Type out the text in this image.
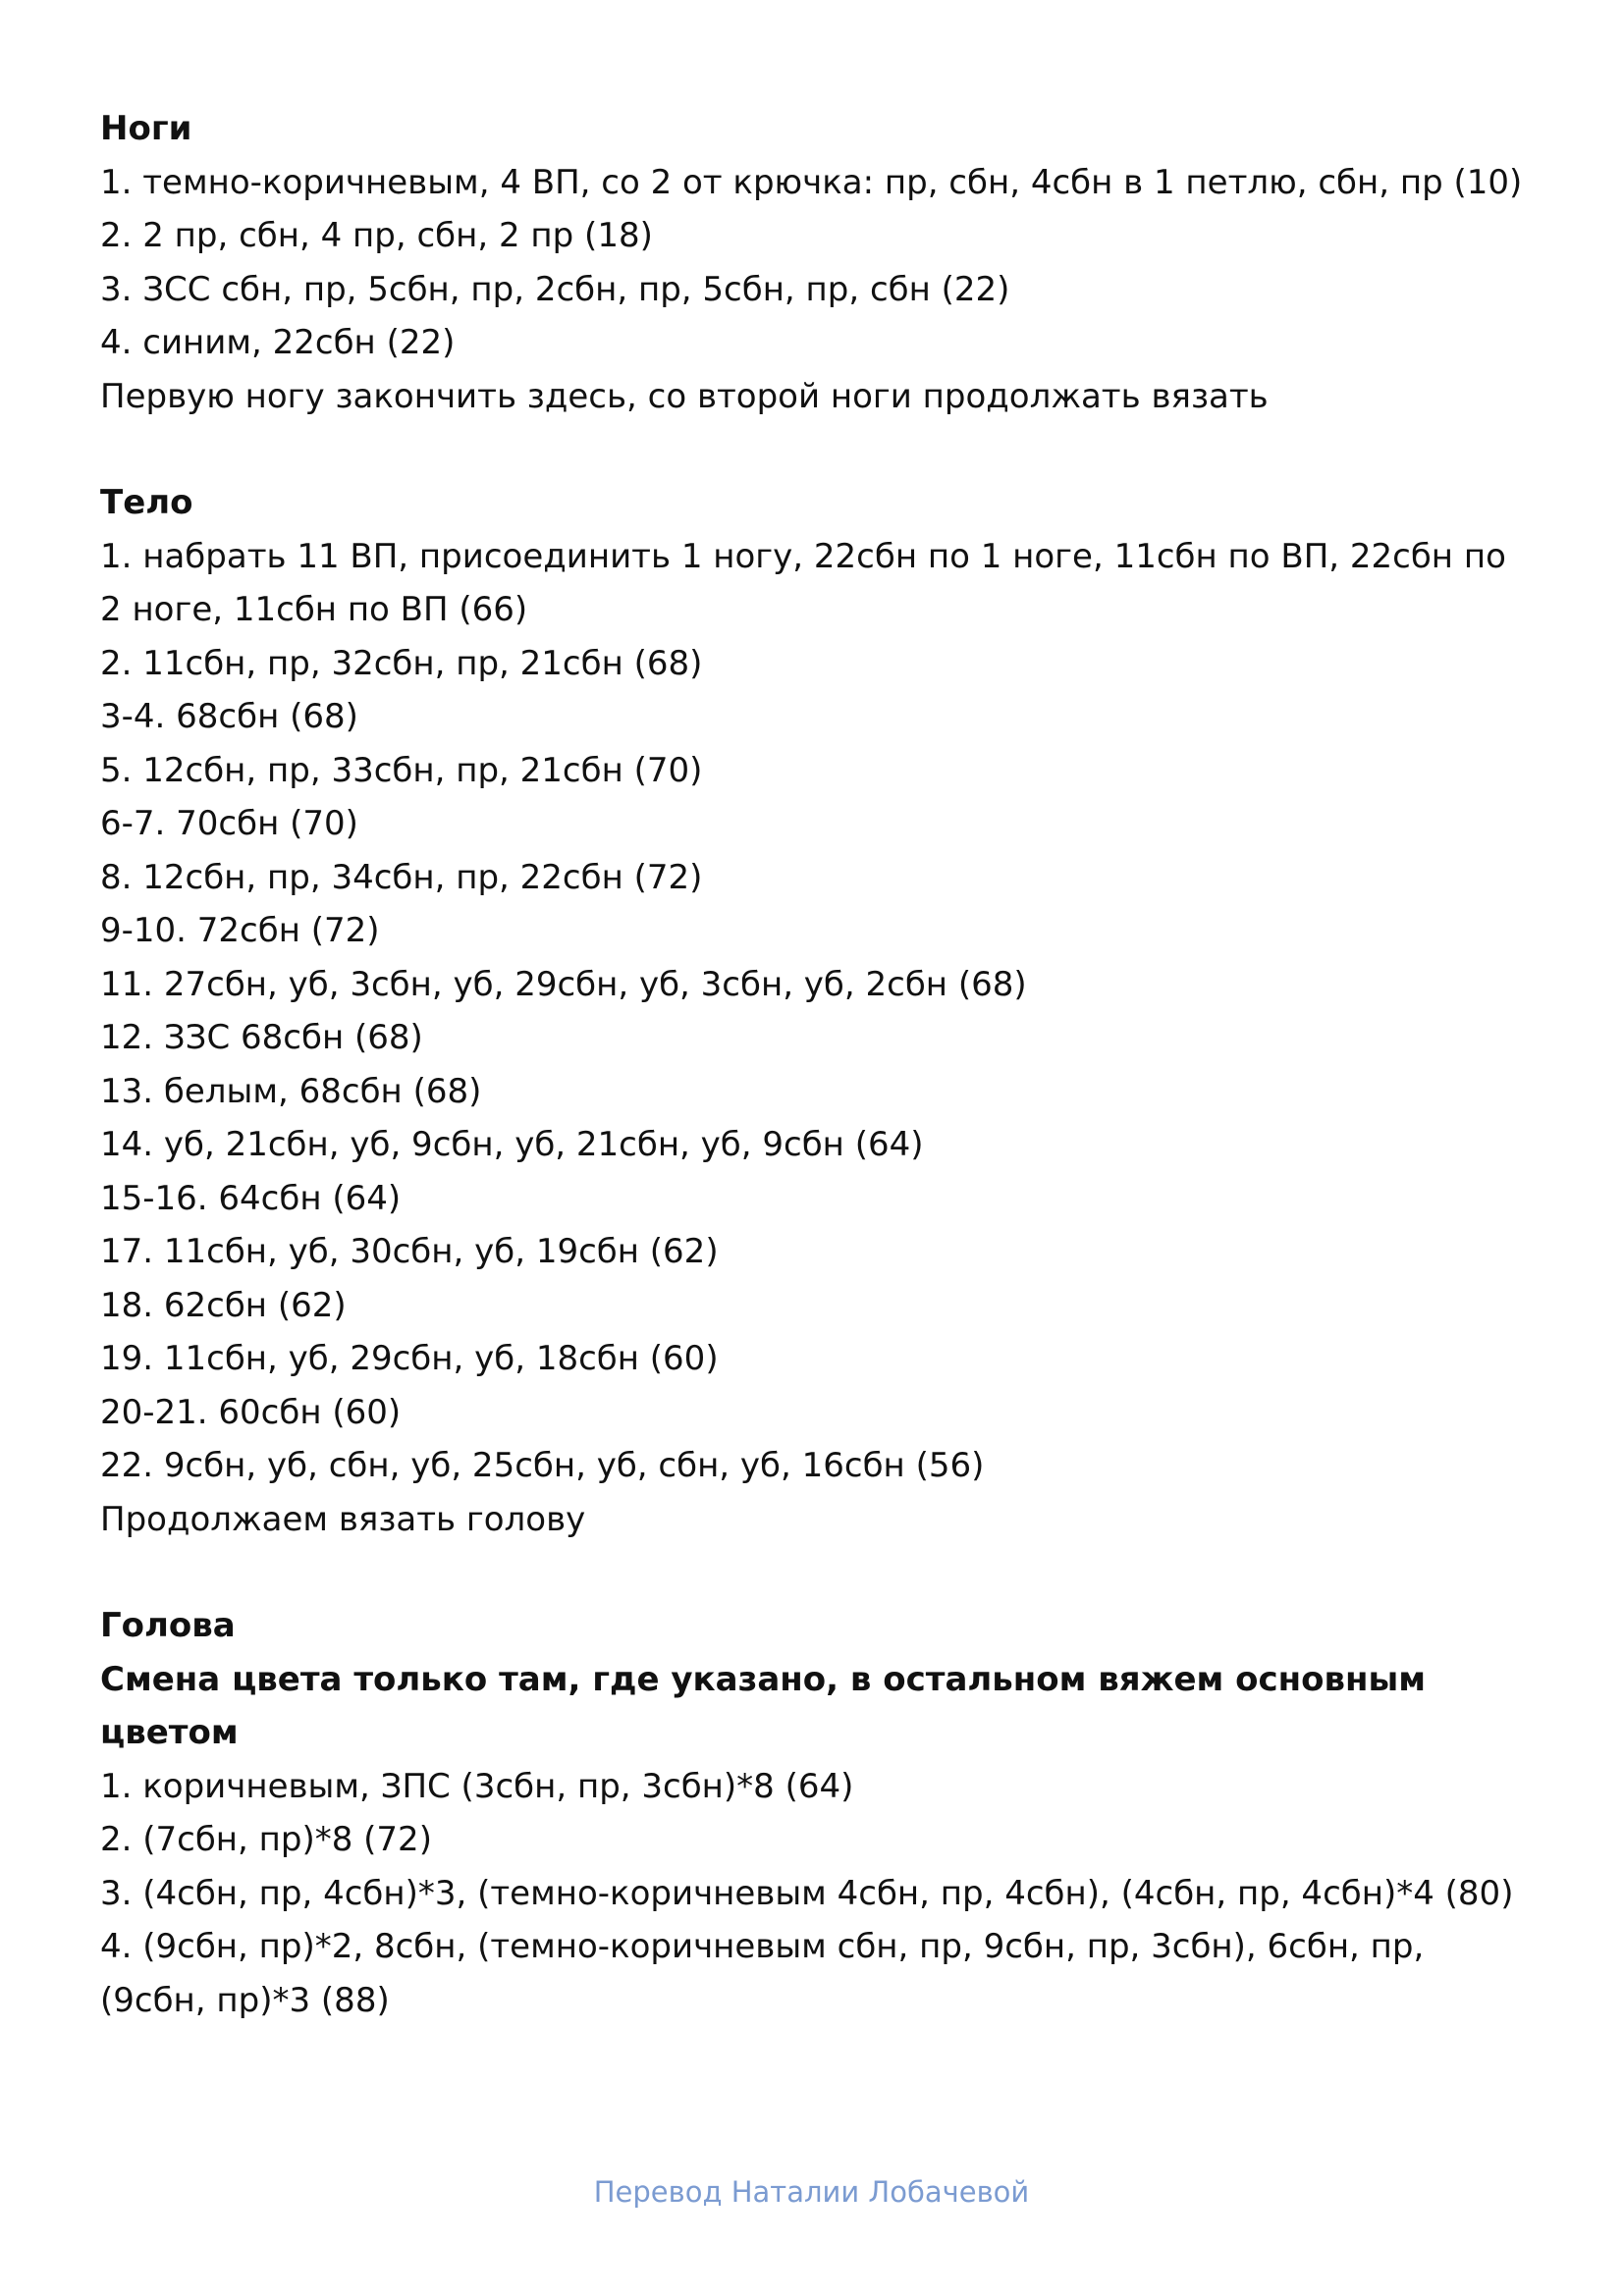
Ноги

1. темно-коричневым, 4 ВП, со 2 от крючка: пр, сбн, 4сбн в 1 петлю, сбн, пр (10)

2. 2 пр, сбн, 4 пр, сбн, 2 пр (18)

3. ЗСС сбн, пр, 5сбн, пр, 2сбн, пр, 5сбн, пр, сбн (22)

4. синим, 22сбн (22)

Первую ногу закончить здесь, со второй ноги продолжать вязать

Тело

1. набрать 11 ВП, присоединить 1 ногу, 22сбн по 1 ноге, 11сбн по ВП, 22сбн по 2 ноге, 11сбн по ВП (66)

2. 11сбн, пр, 32сбн, пр, 21сбн (68)

3-4. 68сбн (68)

5. 12сбн, пр, 33сбн, пр, 21сбн (70)

6-7. 70сбн (70)

8. 12сбн, пр, 34сбн, пр, 22сбн (72)

9-10. 72сбн (72)

11. 27сбн, уб, 3сбн, уб, 29сбн, уб, 3сбн, уб, 2сбн (68)

12. ЗЗС 68сбн (68)

13. белым, 68сбн (68)

14. уб, 21сбн, уб, 9сбн, уб, 21сбн, уб, 9сбн (64)

15-16. 64сбн (64)

17. 11сбн, уб, 30сбн, уб, 19сбн (62)

18. 62сбн (62)

19. 11сбн, уб, 29сбн, уб, 18сбн (60)

20-21. 60сбн (60)

22. 9сбн, уб, сбн, уб, 25сбн, уб, сбн, уб, 16сбн (56)

Продолжаем вязать голову

Голова

Смена цвета только там, где указано, в остальном вяжем основным цветом

1. коричневым, ЗПС (3сбн, пр, 3сбн)*8 (64)

2. (7сбн, пр)*8 (72)

3. (4сбн, пр, 4сбн)*3, (темно-коричневым 4сбн, пр, 4сбн), (4сбн, пр, 4сбн)*4 (80)

4. (9сбн, пр)*2, 8сбн, (темно-коричневым сбн, пр, 9сбн, пр, 3сбн), 6сбн, пр, (9сбн, пр)*3 (88)

Перевод Наталии Лобачевой
